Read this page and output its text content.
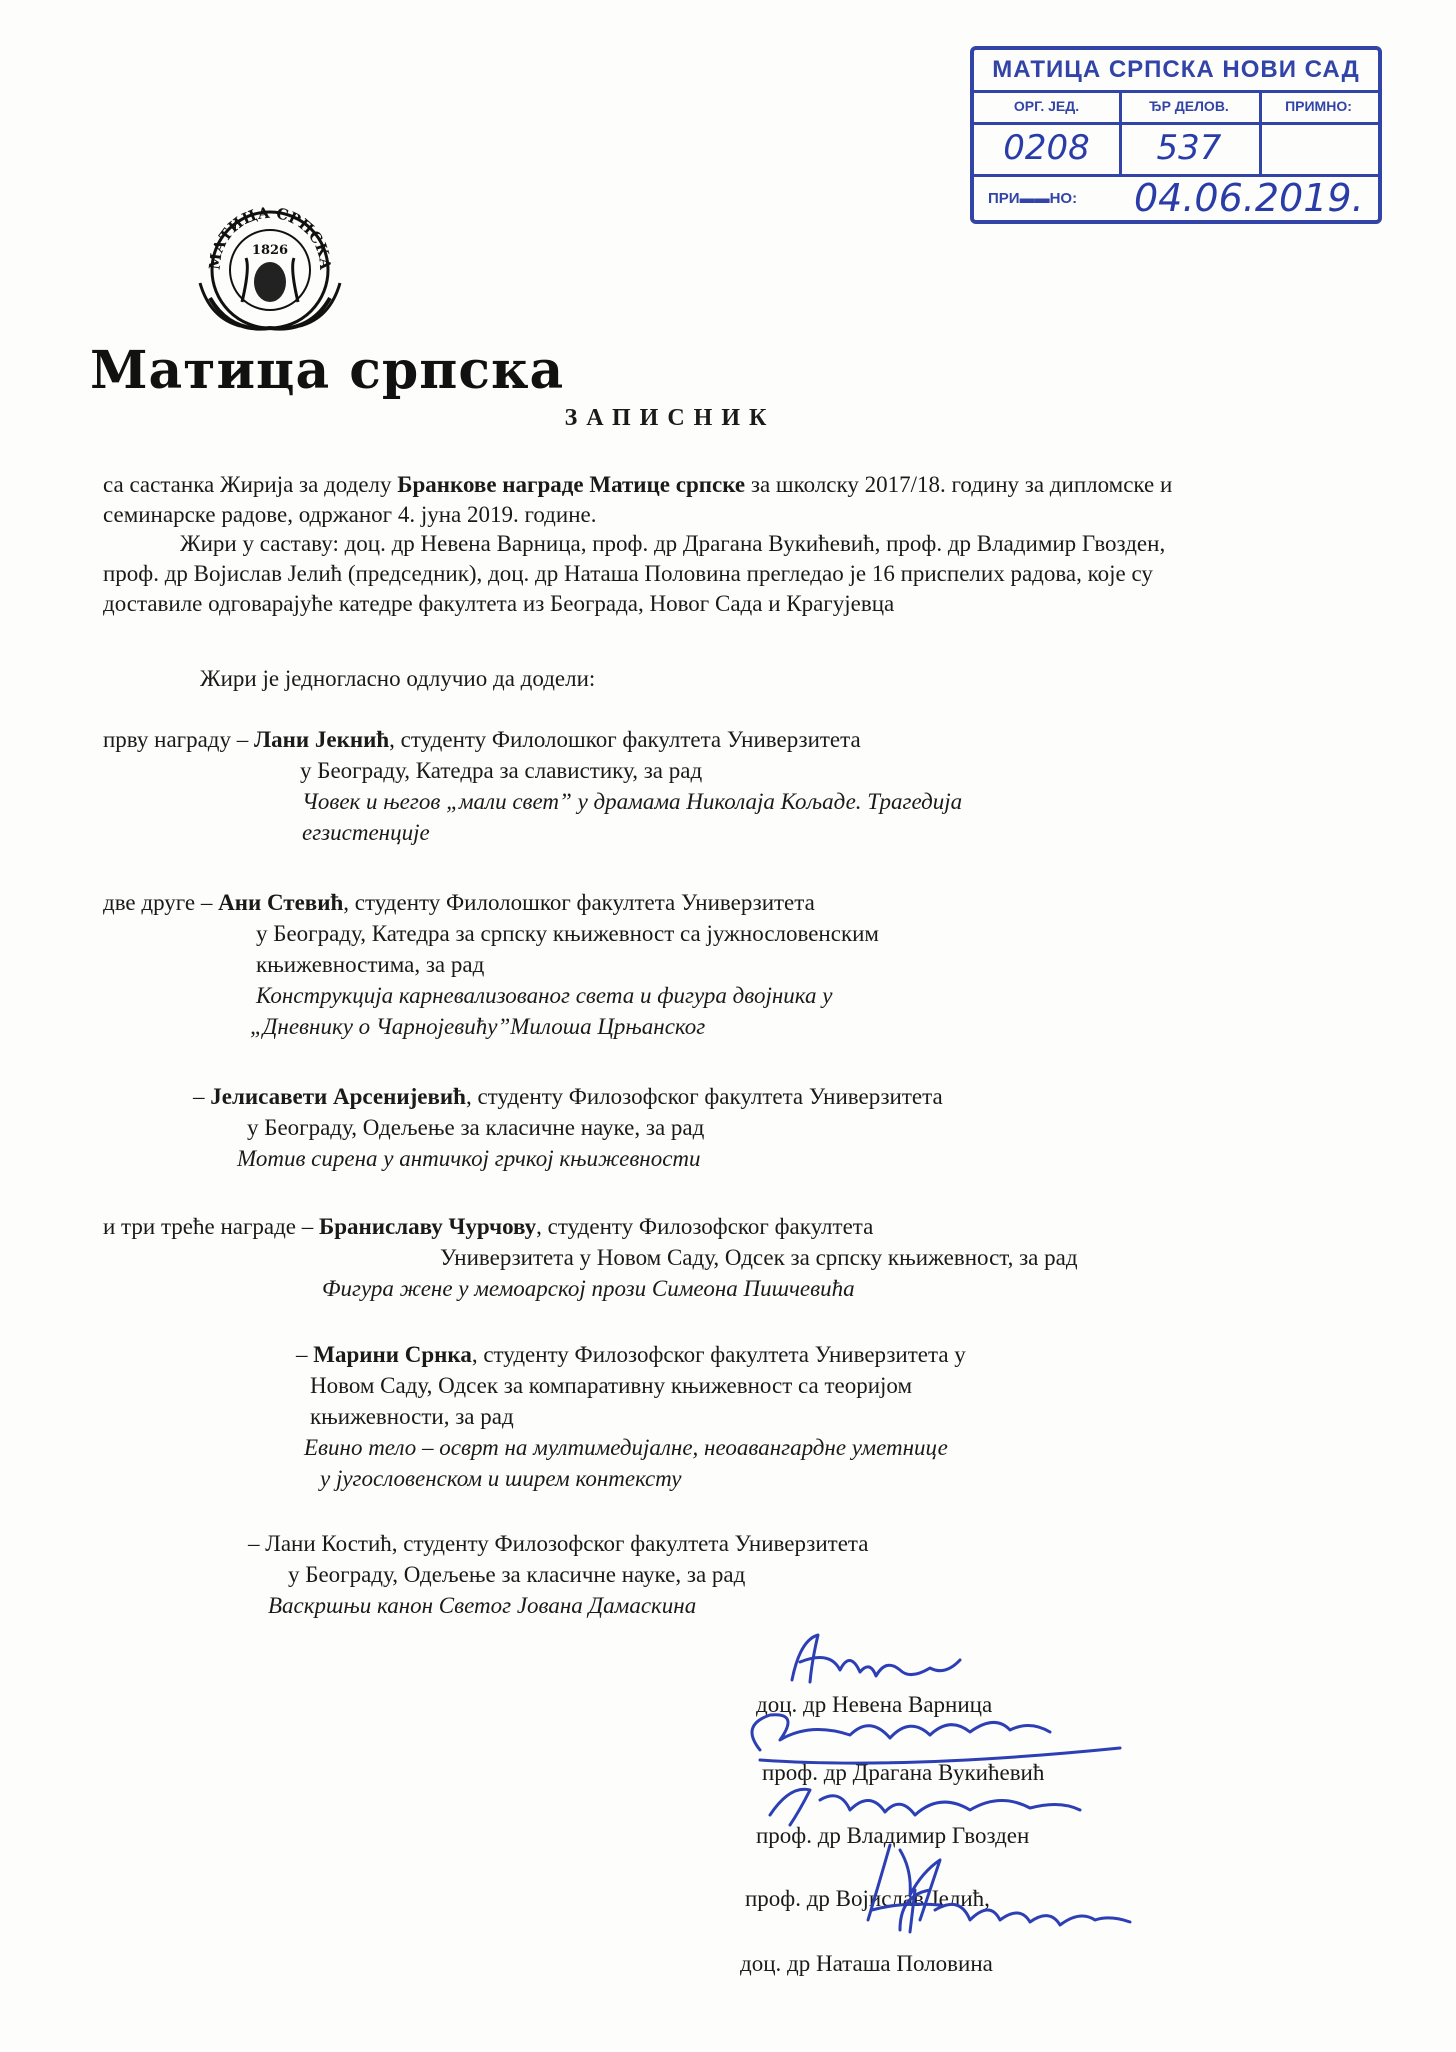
МАТИЦА СРПСКА НОВИ САД
ОРГ. ЈЕД.	ЂР ДЕЛОВ.	ПРИМНО:
0208	537
ПРИ▬▬НО: 04.06.2019.
МАТИЦА СРПСКА
1826
Матица српска
ЗАПИСНИК
са састанка Жирија за доделу Бранкове награде Матице српске за школску 2017/18. годину за дипломске и
семинарске радове, одржаног 4. јуна 2019. године.
Жири у саставу: доц. др Невена Варница, проф. др Драгана Вукићевић, проф. др Владимир Гвозден,
проф. др Војислав Јелић (председник), доц. др Наташа Половина прегледао је 16 приспелих радова, које су
доставиле одговарајуће катедре факултета из Београда, Новог Сада и Крагујевца
Жири је једногласно одлучио да додели:
прву награду – Лани Јекнић, студенту Филолошког факултета Универзитета
у Београду, Катедра за славистику, за рад
Човек и његов „мали свет” у драмама Николаја Кољаде. Трагедија
егзистенције
две друге – Ани Стевић, студенту Филолошког факултета Универзитета
у Београду, Катедра за српску књижевност са јужнословенским
књижевностима, за рад
Конструкција карневализованог света и фигура двојника у
„Дневнику о Чарнојевићу”Милоша Црњанског
– Јелисавети Арсенијевић, студенту Филозофског факултета Универзитета
у Београду, Одељење за класичне науке, за рад
Мотив сирена у античкој грчкој књижевности
и три треће награде – Браниславу Чурчову, студенту Филозофског факултета
Универзитета у Новом Саду, Одсек за српску књижевност, за рад
Фигура жене у мемоарској прози Симеона Пишчевића
– Марини Срнка, студенту Филозофског факултета Универзитета у
Новом Саду, Одсек за компаративну књижевност са теоријом
књижевности, за рад
Евино тело – осврт на мултимедијалне, неоавангардне уметнице
у југословенском и ширем контексту
– Лани Костић, студенту Филозофског факултета Универзитета
у Београду, Одељење за класичне науке, за рад
Васкршњи канон Светог Јована Дамаскина
доц. др Невена Варница
проф. др Драгана Вукићевић
проф. др Владимир Гвозден
проф. др Војислав Јелић,
доц. др Наташа Половина
